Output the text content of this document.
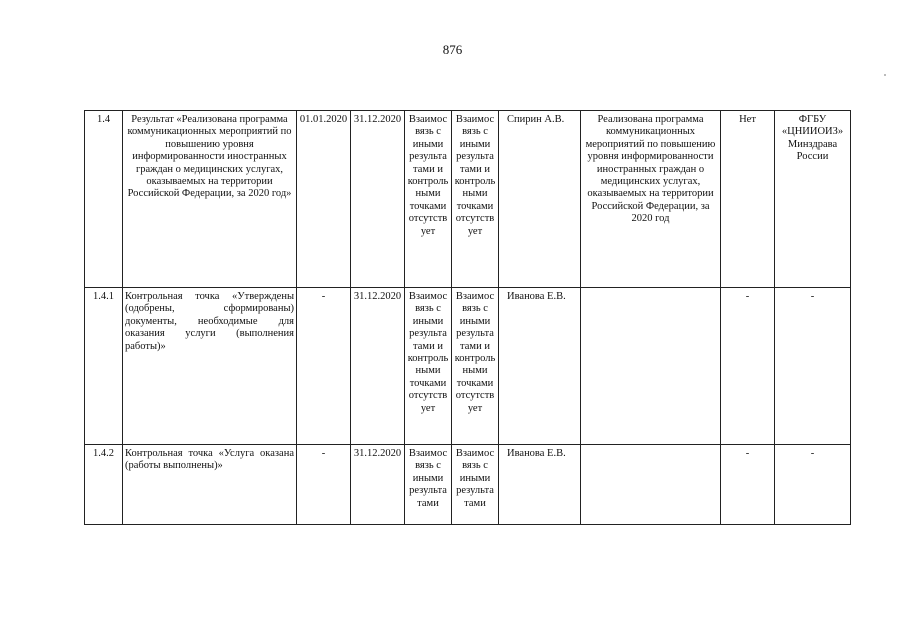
876
1.4	Результат «Реализована программа коммуникационных мероприятий по повышению уровня информированности иностранных граждан о медицинских услугах, оказываемых на территории Российской Федерации, за 2020 год»	01.01.2020	31.12.2020	Взаимосвязь с иными результатами и контрольными точками отсутствует	Взаимосвязь с иными результатами и контрольными точками отсутствует	Спирин А.В.	Реализована программа коммуникационных мероприятий по повышению уровня информированности иностранных граждан о медицинских услугах, оказываемых на территории Российской Федерации, за 2020 год	Нет	ФГБУ «ЦНИИОИЗ» Минздрава России
1.4.1	Контрольная точка «Утверждены (одобрены, сформированы) документы, необходимые для оказания услуги (выполнения работы)»	-	31.12.2020	Взаимосвязь с иными результатами и контрольными точками отсутствует	Взаимосвязь с иными результатами и контрольными точками отсутствует	Иванова Е.В.		-	-
1.4.2	Контрольная точка «Услуга оказана (работы выполнены)»	-	31.12.2020	Взаимосвязь с иными результатами	Взаимосвязь с иными результатами	Иванова Е.В.		-	-
